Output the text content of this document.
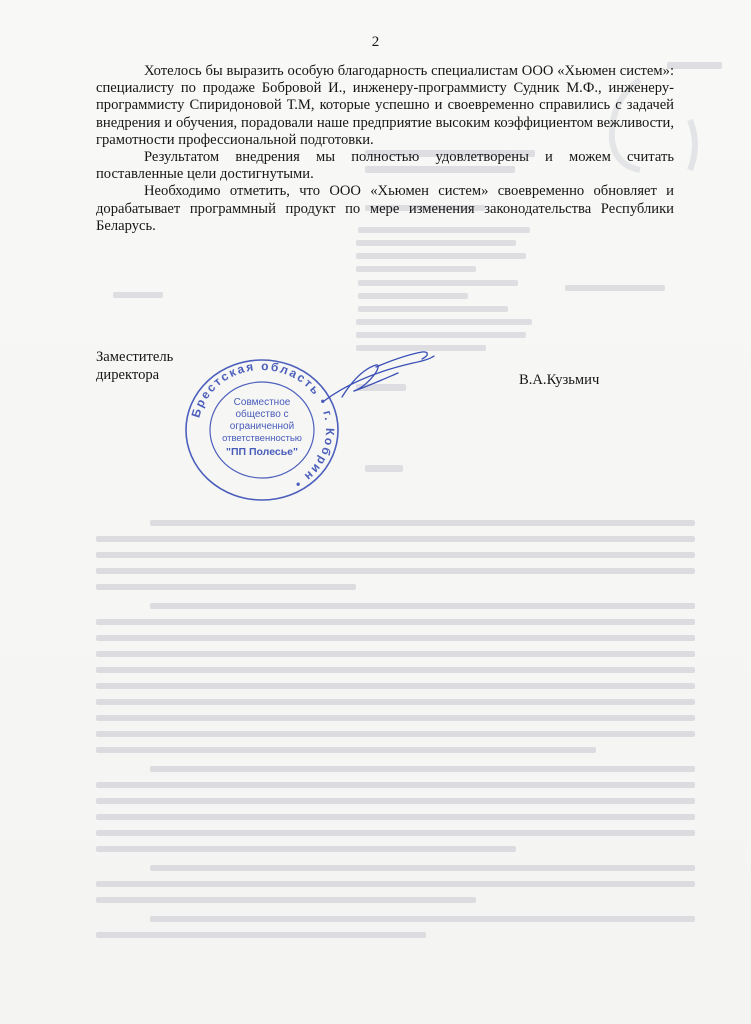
2

Хотелось бы выразить особую благодарность специалистам ООО «Хьюмен систем»: специалисту по продаже Бобровой И., инженеру-программисту Судник М.Ф., инженеру-программисту Спиридоновой Т.М, которые успешно и своевременно справились с задачей внедрения и обучения, порадовали наше предприятие высоким коэффициентом вежливости, грамотности профессиональной подготовки.

Результатом внедрения мы полностью удовлетворены и можем считать поставленные цели достигнутыми.

Необходимо отметить, что ООО «Хьюмен систем» своевременно обновляет и дорабатывает программный продукт по мере изменения законодательства Республики Беларусь.

Заместитель
директора
Брестская область • г. Кобрин •
Совместное
общество с
ограниченной
ответственностью
"ПП Полесье"
В.А.Кузьмич
